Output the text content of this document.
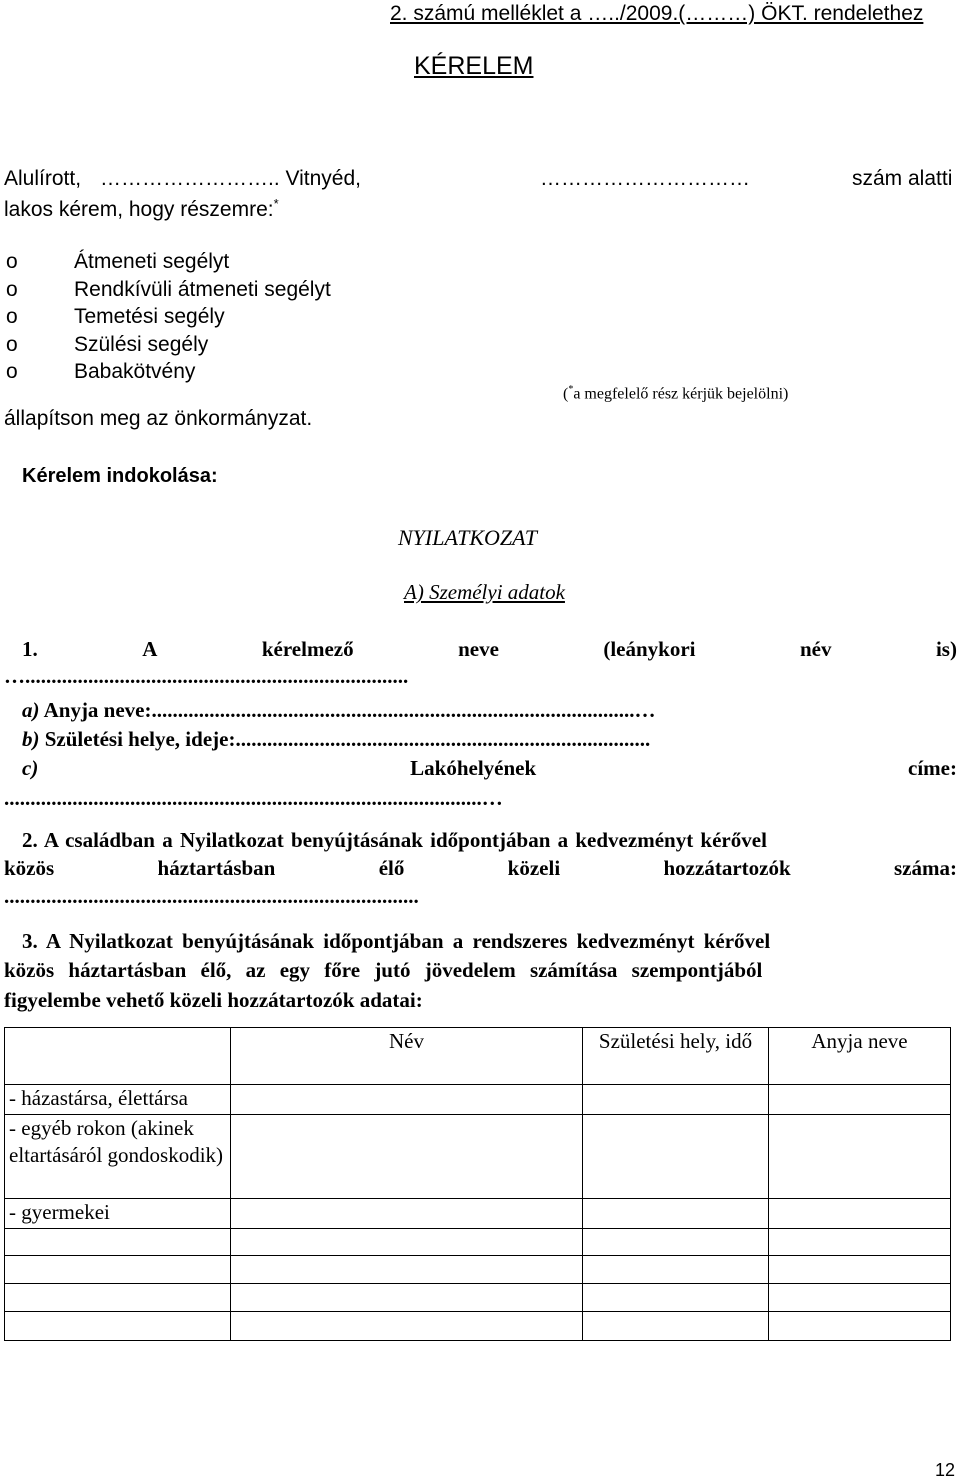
2. számú melléklet a …../2009.(………) ÖKT. rendelethez
KÉRELEM
Alulírott, …………………….. Vitnyéd,	…………………………	szám alatti
lakos kérem, hogy részemre:*
o	Átmeneti segélyt
o	Rendkívüli átmeneti segélyt
o	Temetési segély
o	Szülési segély
o	Babakötvény
állapítson meg az önkormányzat.
(*a megfelelő rész kérjük bejelölni)
Kérelem indokolása:
NYILATKOZAT
A) Személyi adatok
1.	A	kérelmező	neve	(leánykori	név	is)
….........................................................................
a) Anyja neve:............................................................................................…
b) Születési helye, ideje:...............................................................................
c)	Lakóhelyének	címe:
...........................................................................................…
2. A családban a Nyilatkozat benyújtásának időpontjában a kedvezményt kérővel
közös	háztartásban	élő	közeli	hozzátartozók	száma:
...............................................................................
3. A Nyilatkozat benyújtásának időpontjában a rendszeres kedvezményt kérővel
közös háztartásban élő, az egy főre jutó jövedelem számítása szempontjából
figyelembe vehető közeli hozzátartozók adatai:
	Név	Születési hely, idő	Anyja neve
- házastársa, élettársa			
- egyéb rokon (akinek eltartásáról gondoskodik)			
- gyermekei			

12
